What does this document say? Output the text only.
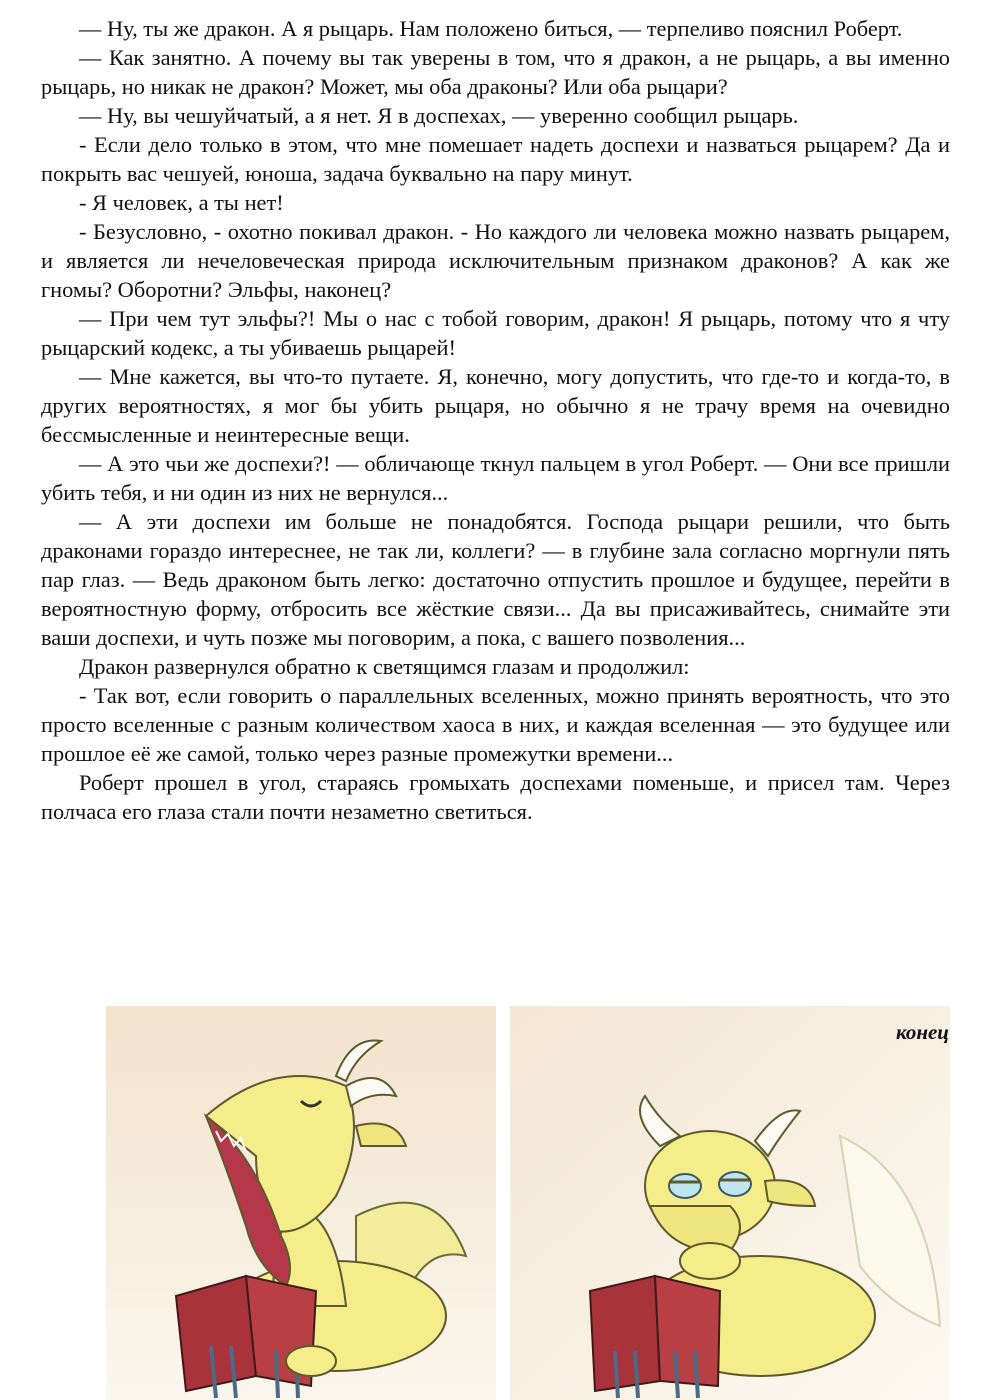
— Ну, ты же дракон. А я рыцарь. Нам положено биться, — терпеливо пояснил Роберт.

— Как занятно. А почему вы так уверены в том, что я дракон, а не рыцарь, а вы именно рыцарь, но никак не дракон? Может, мы оба драконы? Или оба рыцари?

— Ну, вы чешуйчатый, а я нет. Я в доспехах, — уверенно сообщил рыцарь.

- Если дело только в этом, что мне помешает надеть доспехи и назваться рыцарем? Да и покрыть вас чешуей, юноша, задача буквально на пару минут.

- Я человек, а ты нет!

- Безусловно, - охотно покивал дракон. - Но каждого ли человека можно назвать рыцарем, и является ли нечеловеческая природа исключительным признаком драконов? А как же гномы? Оборотни? Эльфы, наконец?

— При чем тут эльфы?! Мы о нас с тобой говорим, дракон! Я рыцарь, потому что я чту рыцарский кодекс, а ты убиваешь рыцарей!

— Мне кажется, вы что-то путаете. Я, конечно, могу допустить, что где-то и когда-то, в других вероятностях, я мог бы убить рыцаря, но обычно я не трачу время на очевидно бессмысленные и неинтересные вещи.

— А это чьи же доспехи?! — обличающе ткнул пальцем в угол Роберт. — Они все пришли убить тебя, и ни один из них не вернулся...

— А эти доспехи им больше не понадобятся. Господа рыцари решили, что быть драконами гораздо интереснее, не так ли, коллеги? — в глубине зала согласно моргнули пять пар глаз. — Ведь драконом быть легко: достаточно отпустить прошлое и будущее, перейти в вероятностную форму, отбросить все жёсткие связи... Да вы присаживайтесь, снимайте эти ваши доспехи, и чуть позже мы поговорим, а пока, с вашего позволения...

Дракон развернулся обратно к светящимся глазам и продолжил:

- Так вот, если говорить о параллельных вселенных, можно принять вероятность, что это просто вселенные с разным количеством хаоса в них, и каждая вселенная — это будущее или прошлое её же самой, только через разные промежутки времени...

Роберт прошел в угол, стараясь громыхать доспехами поменьше, и присел там. Через полчаса его глаза стали почти незаметно светиться.

конец
